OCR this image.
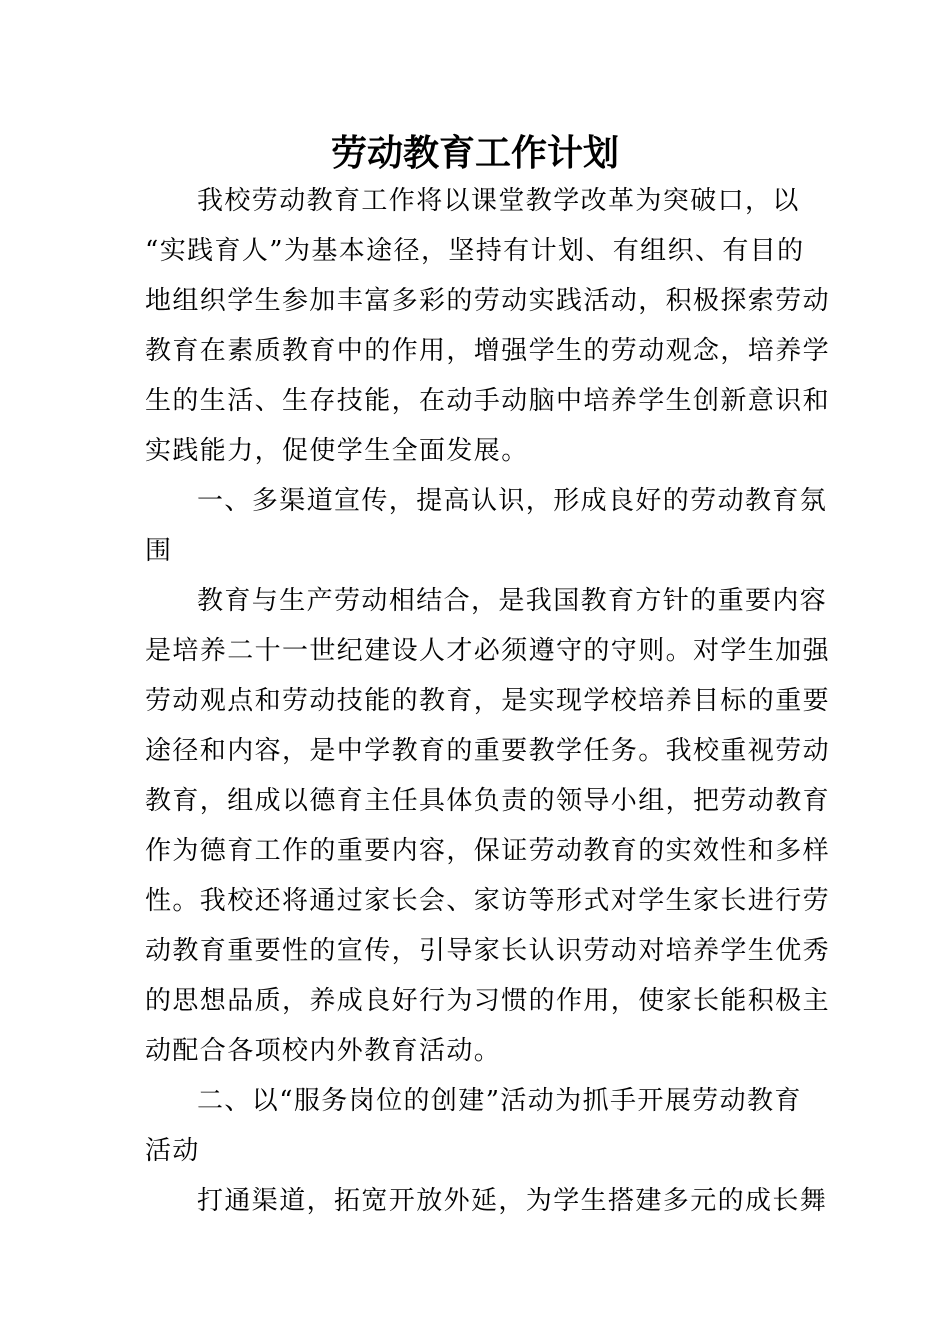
劳动教育工作计划
我校劳动教育工作将以课堂教学改革为突破口，以
“实践育人”为基本途径，坚持有计划、有组织、有目的
地组织学生参加丰富多彩的劳动实践活动，积极探索劳动
教育在素质教育中的作用，增强学生的劳动观念，培养学
生的生活、生存技能，在动手动脑中培养学生创新意识和
实践能力，促使学生全面发展。
一、多渠道宣传，提高认识，形成良好的劳动教育氛
围
教育与生产劳动相结合，是我国教育方针的重要内容
是培养二十一世纪建设人才必须遵守的守则。对学生加强
劳动观点和劳动技能的教育，是实现学校培养目标的重要
途径和内容，是中学教育的重要教学任务。我校重视劳动
教育，组成以德育主任具体负责的领导小组，把劳动教育
作为德育工作的重要内容，保证劳动教育的实效性和多样
性。我校还将通过家长会、家访等形式对学生家长进行劳
动教育重要性的宣传，引导家长认识劳动对培养学生优秀
的思想品质，养成良好行为习惯的作用，使家长能积极主
动配合各项校内外教育活动。
二、以“服务岗位的创建”活动为抓手开展劳动教育
活动
打通渠道，拓宽开放外延，为学生搭建多元的成长舞
